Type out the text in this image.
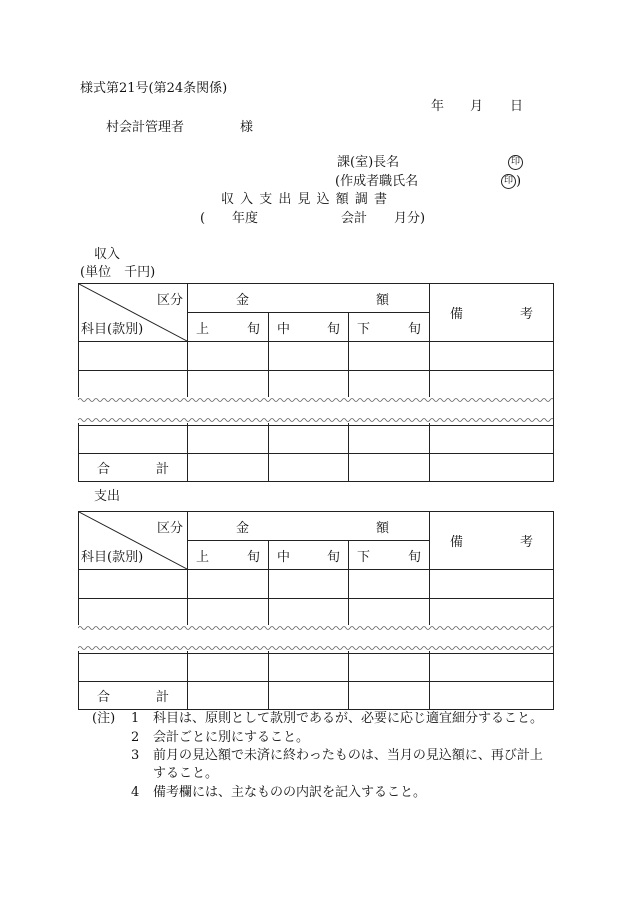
様式第21号(第24条関係)
年 月 日
村会計管理者	様
課(室)長名	印
(作成者職氏名	印 )
収 入 支 出 見 込 額 調 書
( 年度	会計 月分)
収入
(単位　千円)
区分
科目(款別)	金 額			備 考

	上 旬	中 旬	下 旬	

合 計				

支出
区分
科目(款別)	金 額			備 考

	上 旬	中 旬	下 旬	

合 計				

(注) 1 科目は、原則として款別であるが、必要に応じ適宜細分すること。
2 会計ごとに別にすること。
3 前月の見込額で未済に終わったものは、当月の見込額に、再び計上
すること。
4 備考欄には、主なものの内訳を記入すること。
